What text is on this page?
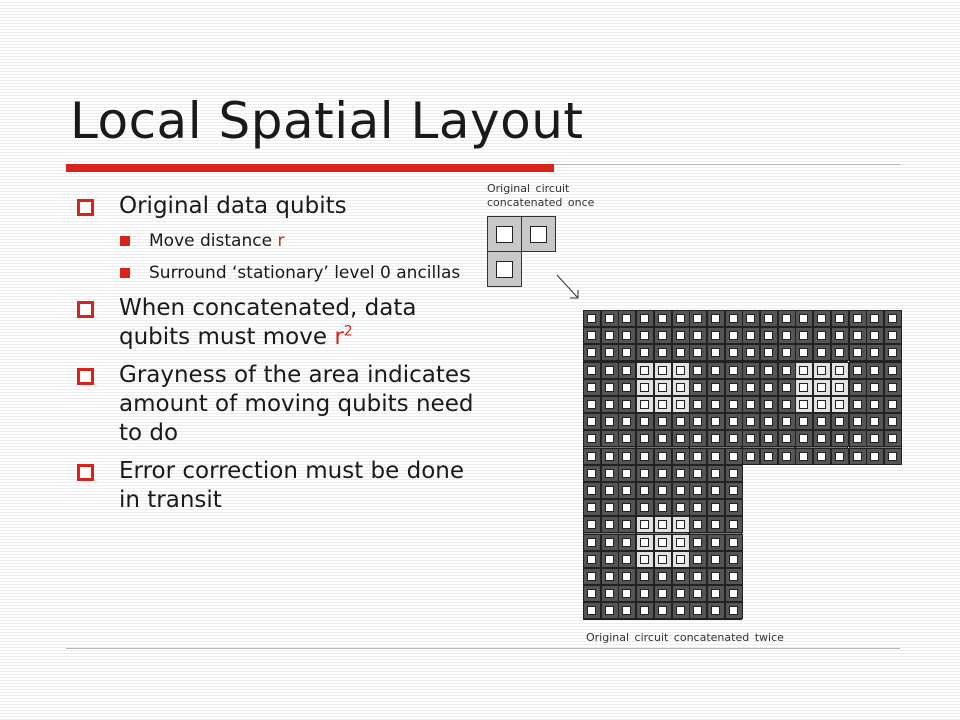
Local Spatial Layout
Original data qubits
Move distance r
Surround ‘stationary’ level 0 ancillas
When concatenated, data qubits must move $r^2$
Grayness of the area indicates amount of moving qubits need to do
Error correction must be done in transit

Original circuit concatenated once

Original circuit concatenated twice
